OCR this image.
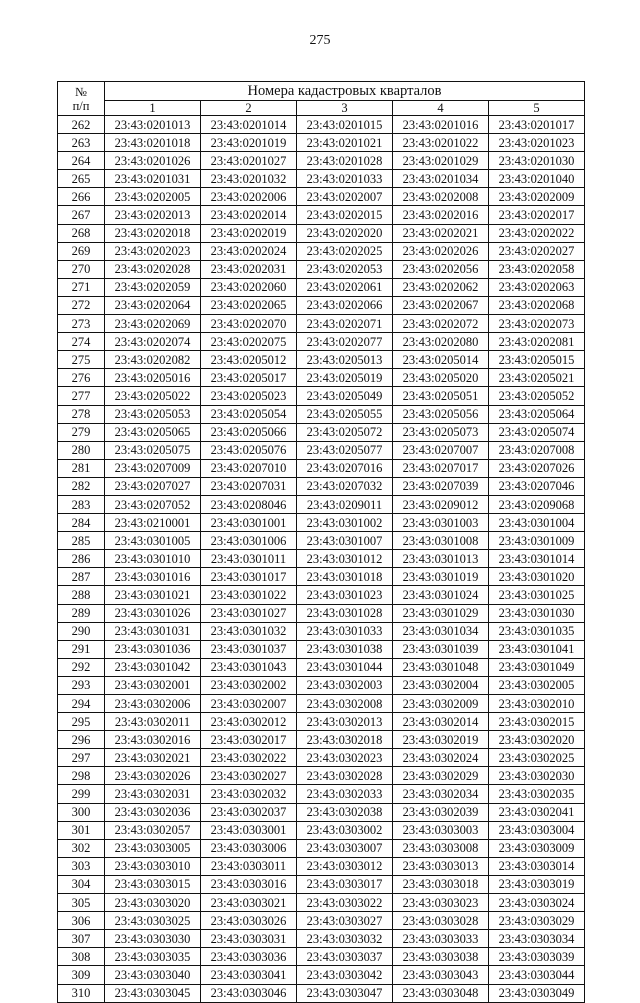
275
№
п/п	Номера кадастровых кварталов				
	1	2	3	4	5
262	23:43:0201013	23:43:0201014	23:43:0201015	23:43:0201016	23:43:0201017
263	23:43:0201018	23:43:0201019	23:43:0201021	23:43:0201022	23:43:0201023
264	23:43:0201026	23:43:0201027	23:43:0201028	23:43:0201029	23:43:0201030
265	23:43:0201031	23:43:0201032	23:43:0201033	23:43:0201034	23:43:0201040
266	23:43:0202005	23:43:0202006	23:43:0202007	23:43:0202008	23:43:0202009
267	23:43:0202013	23:43:0202014	23:43:0202015	23:43:0202016	23:43:0202017
268	23:43:0202018	23:43:0202019	23:43:0202020	23:43:0202021	23:43:0202022
269	23:43:0202023	23:43:0202024	23:43:0202025	23:43:0202026	23:43:0202027
270	23:43:0202028	23:43:0202031	23:43:0202053	23:43:0202056	23:43:0202058
271	23:43:0202059	23:43:0202060	23:43:0202061	23:43:0202062	23:43:0202063
272	23:43:0202064	23:43:0202065	23:43:0202066	23:43:0202067	23:43:0202068
273	23:43:0202069	23:43:0202070	23:43:0202071	23:43:0202072	23:43:0202073
274	23:43:0202074	23:43:0202075	23:43:0202077	23:43:0202080	23:43:0202081
275	23:43:0202082	23:43:0205012	23:43:0205013	23:43:0205014	23:43:0205015
276	23:43:0205016	23:43:0205017	23:43:0205019	23:43:0205020	23:43:0205021
277	23:43:0205022	23:43:0205023	23:43:0205049	23:43:0205051	23:43:0205052
278	23:43:0205053	23:43:0205054	23:43:0205055	23:43:0205056	23:43:0205064
279	23:43:0205065	23:43:0205066	23:43:0205072	23:43:0205073	23:43:0205074
280	23:43:0205075	23:43:0205076	23:43:0205077	23:43:0207007	23:43:0207008
281	23:43:0207009	23:43:0207010	23:43:0207016	23:43:0207017	23:43:0207026
282	23:43:0207027	23:43:0207031	23:43:0207032	23:43:0207039	23:43:0207046
283	23:43:0207052	23:43:0208046	23:43:0209011	23:43:0209012	23:43:0209068
284	23:43:0210001	23:43:0301001	23:43:0301002	23:43:0301003	23:43:0301004
285	23:43:0301005	23:43:0301006	23:43:0301007	23:43:0301008	23:43:0301009
286	23:43:0301010	23:43:0301011	23:43:0301012	23:43:0301013	23:43:0301014
287	23:43:0301016	23:43:0301017	23:43:0301018	23:43:0301019	23:43:0301020
288	23:43:0301021	23:43:0301022	23:43:0301023	23:43:0301024	23:43:0301025
289	23:43:0301026	23:43:0301027	23:43:0301028	23:43:0301029	23:43:0301030
290	23:43:0301031	23:43:0301032	23:43:0301033	23:43:0301034	23:43:0301035
291	23:43:0301036	23:43:0301037	23:43:0301038	23:43:0301039	23:43:0301041
292	23:43:0301042	23:43:0301043	23:43:0301044	23:43:0301048	23:43:0301049
293	23:43:0302001	23:43:0302002	23:43:0302003	23:43:0302004	23:43:0302005
294	23:43:0302006	23:43:0302007	23:43:0302008	23:43:0302009	23:43:0302010
295	23:43:0302011	23:43:0302012	23:43:0302013	23:43:0302014	23:43:0302015
296	23:43:0302016	23:43:0302017	23:43:0302018	23:43:0302019	23:43:0302020
297	23:43:0302021	23:43:0302022	23:43:0302023	23:43:0302024	23:43:0302025
298	23:43:0302026	23:43:0302027	23:43:0302028	23:43:0302029	23:43:0302030
299	23:43:0302031	23:43:0302032	23:43:0302033	23:43:0302034	23:43:0302035
300	23:43:0302036	23:43:0302037	23:43:0302038	23:43:0302039	23:43:0302041
301	23:43:0302057	23:43:0303001	23:43:0303002	23:43:0303003	23:43:0303004
302	23:43:0303005	23:43:0303006	23:43:0303007	23:43:0303008	23:43:0303009
303	23:43:0303010	23:43:0303011	23:43:0303012	23:43:0303013	23:43:0303014
304	23:43:0303015	23:43:0303016	23:43:0303017	23:43:0303018	23:43:0303019
305	23:43:0303020	23:43:0303021	23:43:0303022	23:43:0303023	23:43:0303024
306	23:43:0303025	23:43:0303026	23:43:0303027	23:43:0303028	23:43:0303029
307	23:43:0303030	23:43:0303031	23:43:0303032	23:43:0303033	23:43:0303034
308	23:43:0303035	23:43:0303036	23:43:0303037	23:43:0303038	23:43:0303039
309	23:43:0303040	23:43:0303041	23:43:0303042	23:43:0303043	23:43:0303044
310	23:43:0303045	23:43:0303046	23:43:0303047	23:43:0303048	23:43:0303049
